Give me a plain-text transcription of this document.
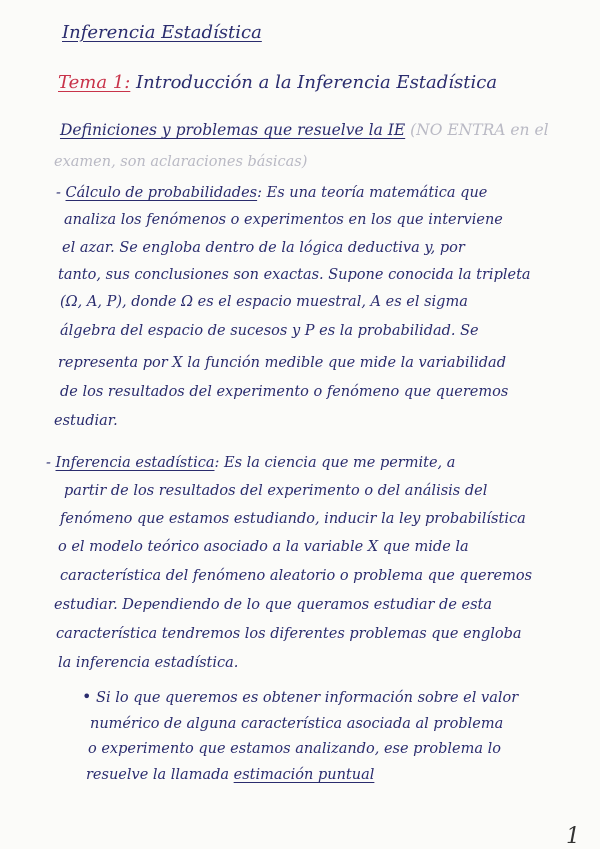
Inferencia Estadística
Tema 1: Introducción a la Inferencia Estadística
Definiciones y problemas que resuelve la IE (NO ENTRA en el
examen, son aclaraciones básicas)
- Cálculo de probabilidades: Es una teoría matemática que
analiza los fenómenos o experimentos en los que interviene
el azar. Se engloba dentro de la lógica deductiva y, por
tanto, sus conclusiones son exactas. Supone conocida la tripleta
(Ω, A, P), donde Ω es el espacio muestral, A es el sigma
álgebra del espacio de sucesos y P es la probabilidad. Se
representa por X la función medible que mide la variabilidad
de los resultados del experimento o fenómeno que queremos
estudiar.
- Inferencia estadística: Es la ciencia que me permite, a
partir de los resultados del experimento o del análisis del
fenómeno que estamos estudiando, inducir la ley probabilística
o el modelo teórico asociado a la variable X que mide la
característica del fenómeno aleatorio o problema que queremos
estudiar. Dependiendo de lo que queramos estudiar de esta
característica tendremos los diferentes problemas que engloba
la inferencia estadística.
• Si lo que queremos es obtener información sobre el valor
numérico de alguna característica asociada al problema
o experimento que estamos analizando, ese problema lo
resuelve la llamada estimación puntual
1
